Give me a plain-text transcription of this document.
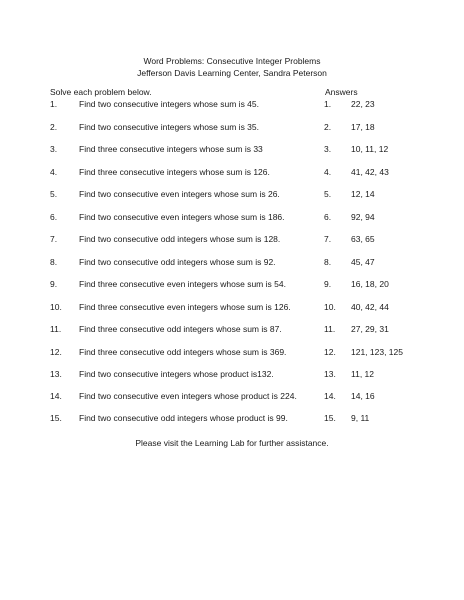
Word Problems: Consecutive Integer Problems
Jefferson Davis Learning Center, Sandra Peterson
Solve each problem below.	Answers
1.	Find two consecutive integers whose sum is 45.	1. 22, 23
2.	Find two consecutive integers whose sum is 35.	2. 17, 18
3.	Find three consecutive integers whose sum is 33	3. 10, 11, 12
4.	Find three consecutive integers whose sum is 126.	4. 41, 42, 43
5.	Find two consecutive even integers whose sum is 26.	5. 12, 14
6.	Find two consecutive even integers whose sum is 186.	6. 92, 94
7.	Find two consecutive odd integers whose sum is 128.	7. 63, 65
8.	Find two consecutive odd integers whose sum is 92.	8. 45, 47
9.	Find three consecutive even integers whose sum is 54.	9. 16, 18, 20
10. Find three consecutive even integers whose sum is 126.	10. 40, 42, 44
11. Find three consecutive odd integers whose sum is 87.	11. 27, 29, 31
12. Find three consecutive odd integers whose sum is 369.	12. 121, 123, 125
13. Find two consecutive integers whose product is132.	13. 11, 12
14. Find two consecutive even integers whose product is 224.	14. 14, 16
15. Find two consecutive odd integers whose product is 99.	15. 9, 11
Please visit the Learning Lab for further assistance.
